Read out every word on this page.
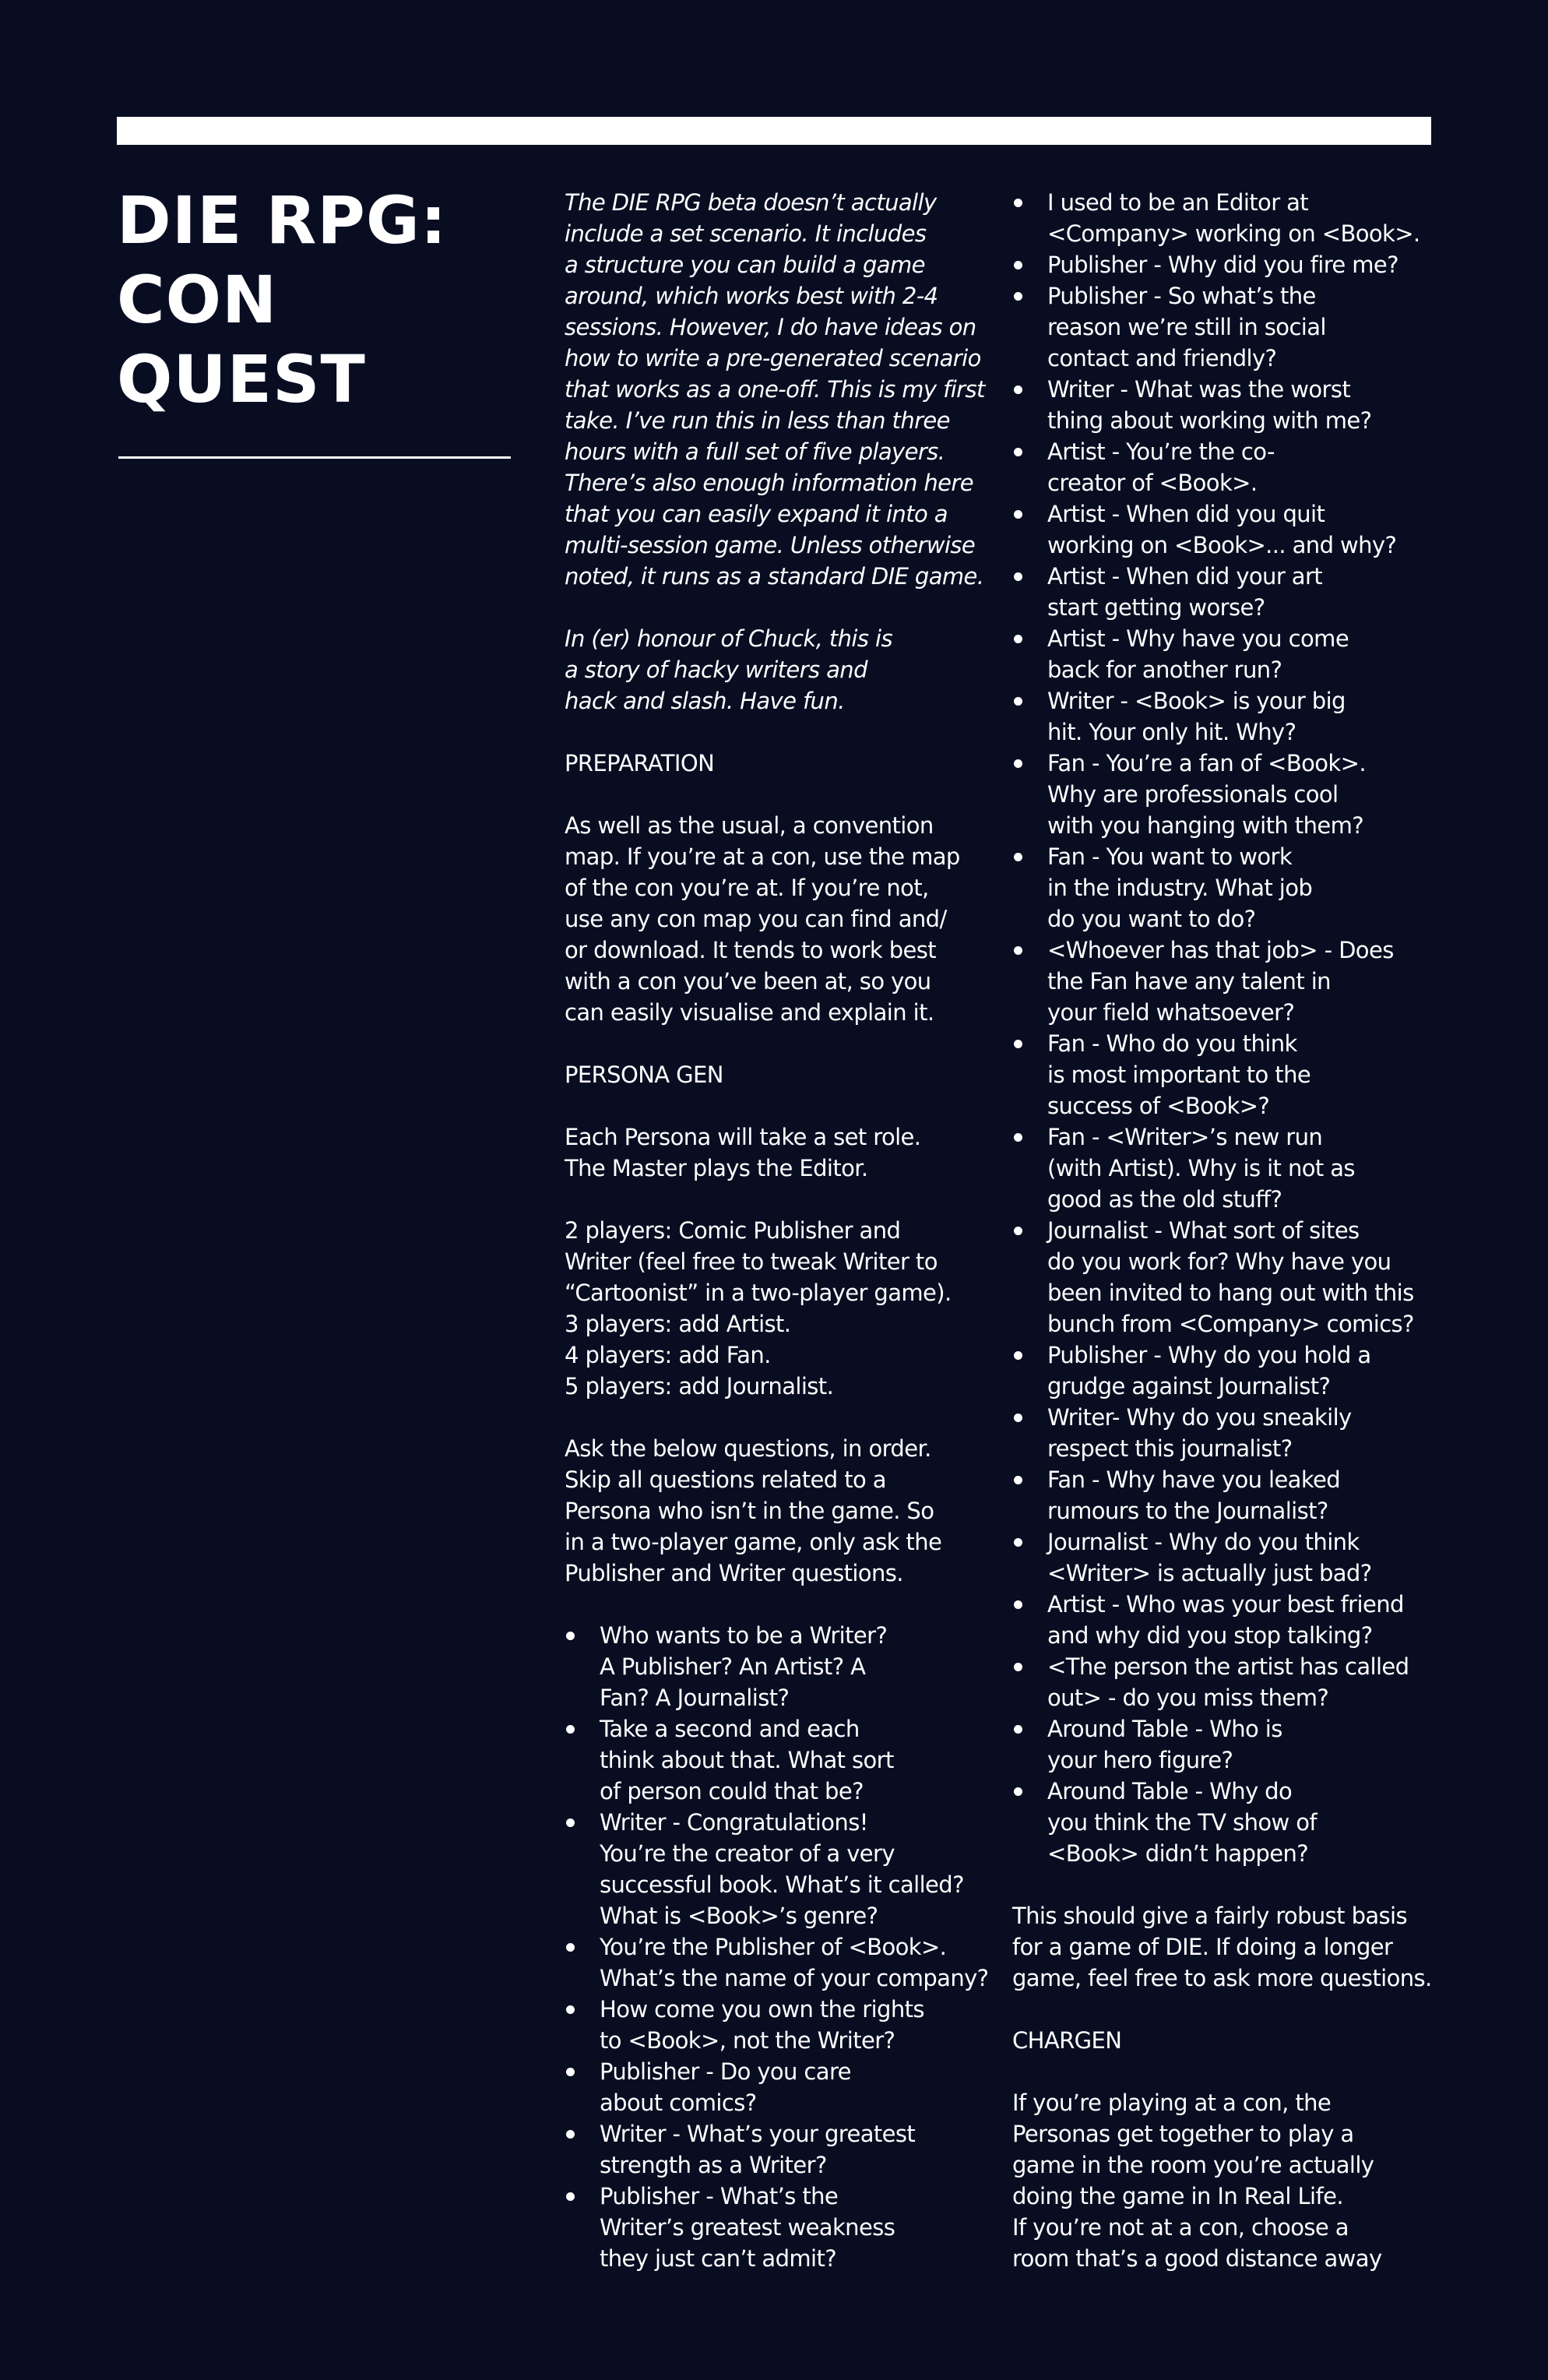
DIE RPG:
CON QUEST

The DIE RPG beta doesn’t actually
include a set scenario. It includes
a structure you can build a game
around, which works best with 2-4
sessions. However, I do have ideas on
how to write a pre-generated scenario
that works as a one-off. This is my first
take. I’ve run this in less than three
hours with a full set of five players.
There’s also enough information here
that you can easily expand it into a
multi-session game. Unless otherwise
noted, it runs as a standard DIE game.

In (er) honour of Chuck, this is
a story of hacky writers and
hack and slash. Have fun.

PREPARATION

As well as the usual, a convention
map. If you’re at a con, use the map
of the con you’re at. If you’re not,
use any con map you can find and/
or download. It tends to work best
with a con you’ve been at, so you
can easily visualise and explain it.

PERSONA GEN

Each Persona will take a set role.
The Master plays the Editor.

2 players: Comic Publisher and
Writer (feel free to tweak Writer to
“Cartoonist” in a two-player game).
3 players: add Artist.
4 players: add Fan.
5 players: add Journalist.

Ask the below questions, in order.
Skip all questions related to a
Persona who isn’t in the game. So
in a two-player game, only ask the
Publisher and Writer questions.

Who wants to be a Writer?
A Publisher? An Artist? A
Fan? A Journalist?
Take a second and each
think about that. What sort
of person could that be?
Writer - Congratulations!
You’re the creator of a very
successful book. What’s it called?
What is <Book>’s genre?
You’re the Publisher of <Book>.
What’s the name of your company?
How come you own the rights
to <Book>, not the Writer?
Publisher - Do you care
about comics?
Writer - What’s your greatest
strength as a Writer?
Publisher - What’s the
Writer’s greatest weakness
they just can’t admit?
I used to be an Editor at
<Company> working on <Book>.
Publisher - Why did you fire me?
Publisher - So what’s the
reason we’re still in social
contact and friendly?
Writer - What was the worst
thing about working with me?
Artist - You’re the co-
creator of <Book>.
Artist - When did you quit
working on <Book>... and why?
Artist - When did your art
start getting worse?
Artist - Why have you come
back for another run?
Writer - <Book> is your big
hit. Your only hit. Why?
Fan - You’re a fan of <Book>.
Why are professionals cool
with you hanging with them?
Fan - You want to work
in the industry. What job
do you want to do?
<Whoever has that job> - Does
the Fan have any talent in
your field whatsoever?
Fan - Who do you think
is most important to the
success of <Book>?
Fan - <Writer>’s new run
(with Artist). Why is it not as
good as the old stuff?
Journalist - What sort of sites
do you work for? Why have you
been invited to hang out with this
bunch from <Company> comics?
Publisher - Why do you hold a
grudge against Journalist?
Writer- Why do you sneakily
respect this journalist?
Fan - Why have you leaked
rumours to the Journalist?
Journalist - Why do you think
<Writer> is actually just bad?
Artist - Who was your best friend
and why did you stop talking?
<The person the artist has called
out> - do you miss them?
Around Table - Who is
your hero figure?
Around Table - Why do
you think the TV show of
<Book> didn’t happen?

This should give a fairly robust basis
for a game of DIE. If doing a longer
game, feel free to ask more questions.

CHARGEN

If you’re playing at a con, the
Personas get together to play a
game in the room you’re actually
doing the game in In Real Life.
If you’re not at a con, choose a
room that’s a good distance away
